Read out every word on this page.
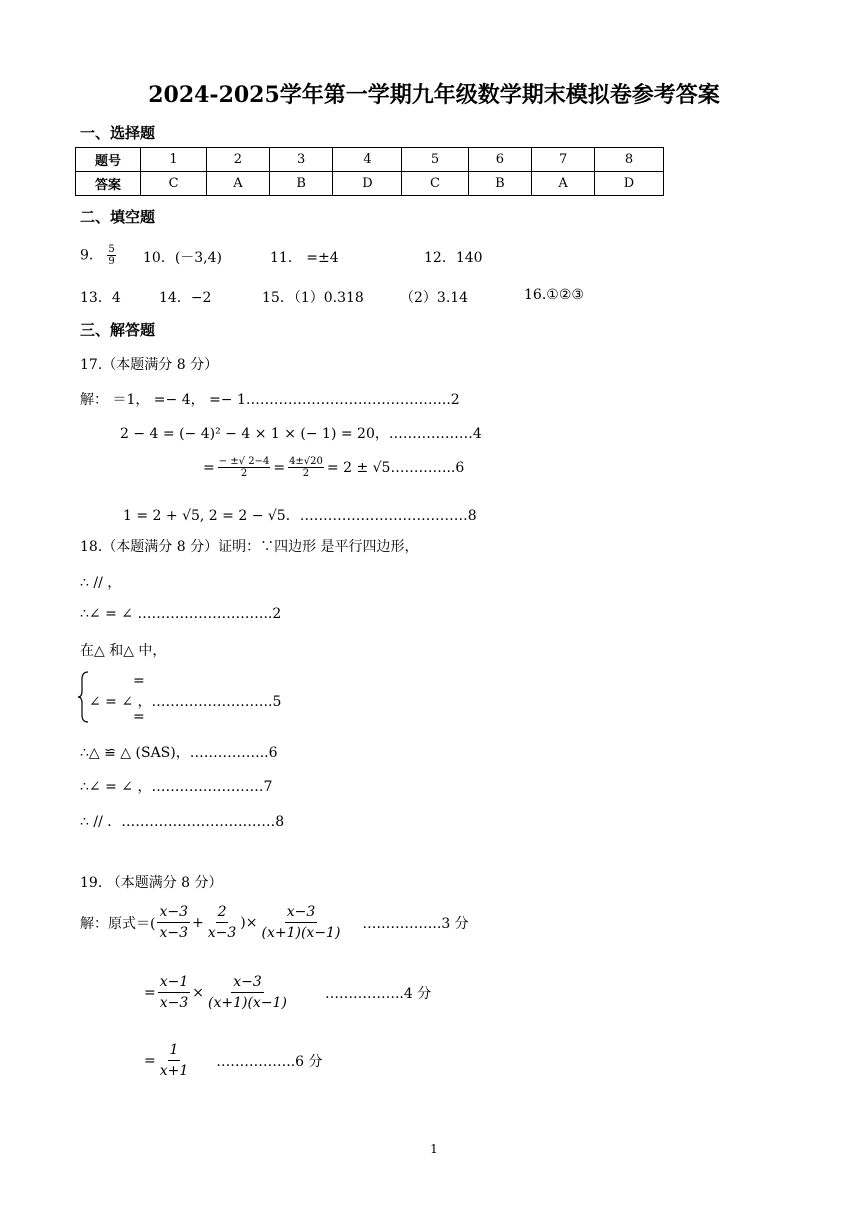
2024-2025学年第一学期九年级数学期末模拟卷参考答案
一、选择题
题号	1	2	3	4	5	6	7	8
答案	C	A	B	D	C	B	A	D
二、填空题
9． $\frac{5}{9} 10$．(－3,4)	11． =±4	12．140
13．4	14．−2	15．（1）0.318	（2）3.14	16.①②③
三、解答题
17.（本题满分 8 分）
解： ＝1， =− 4， =− 1……………………………………..2
2 − 4 = (− 4)² − 4 × 1 × (− 1) = 20，………………4
= $\frac{- \pm√ 2-4}{2} = \frac{4\pm√20}{2} = 2$ ± √5…………..6
1 = 2 + √5, 2 = 2 − √5．………………………………8
18.（本题满分 8 分）证明：∵四边形 是平行四边形，
∴ // ，
∴∠ = ∠ ………………………..2
在△ 和△ 中，
=
∠ = ∠ ，……………………..5
=
∴△ ≌ △ (SAS)，……………..6
∴∠ = ∠ ，……………………7
∴ // ．……………………………8
19. （本题满分 8 分）
解：原式＝( $\frac{x-3}{x-3} + \frac{2}{x-3}$ )× $\frac{x-3}{(x+1)(x-1)}$ ……………..3 分
= $\frac{x-1}{x-3} \times \frac{x-3}{(x+1)(x-1)}$	……………..4 分
= $\frac{1}{x+1}$ ……………..6 分
1
